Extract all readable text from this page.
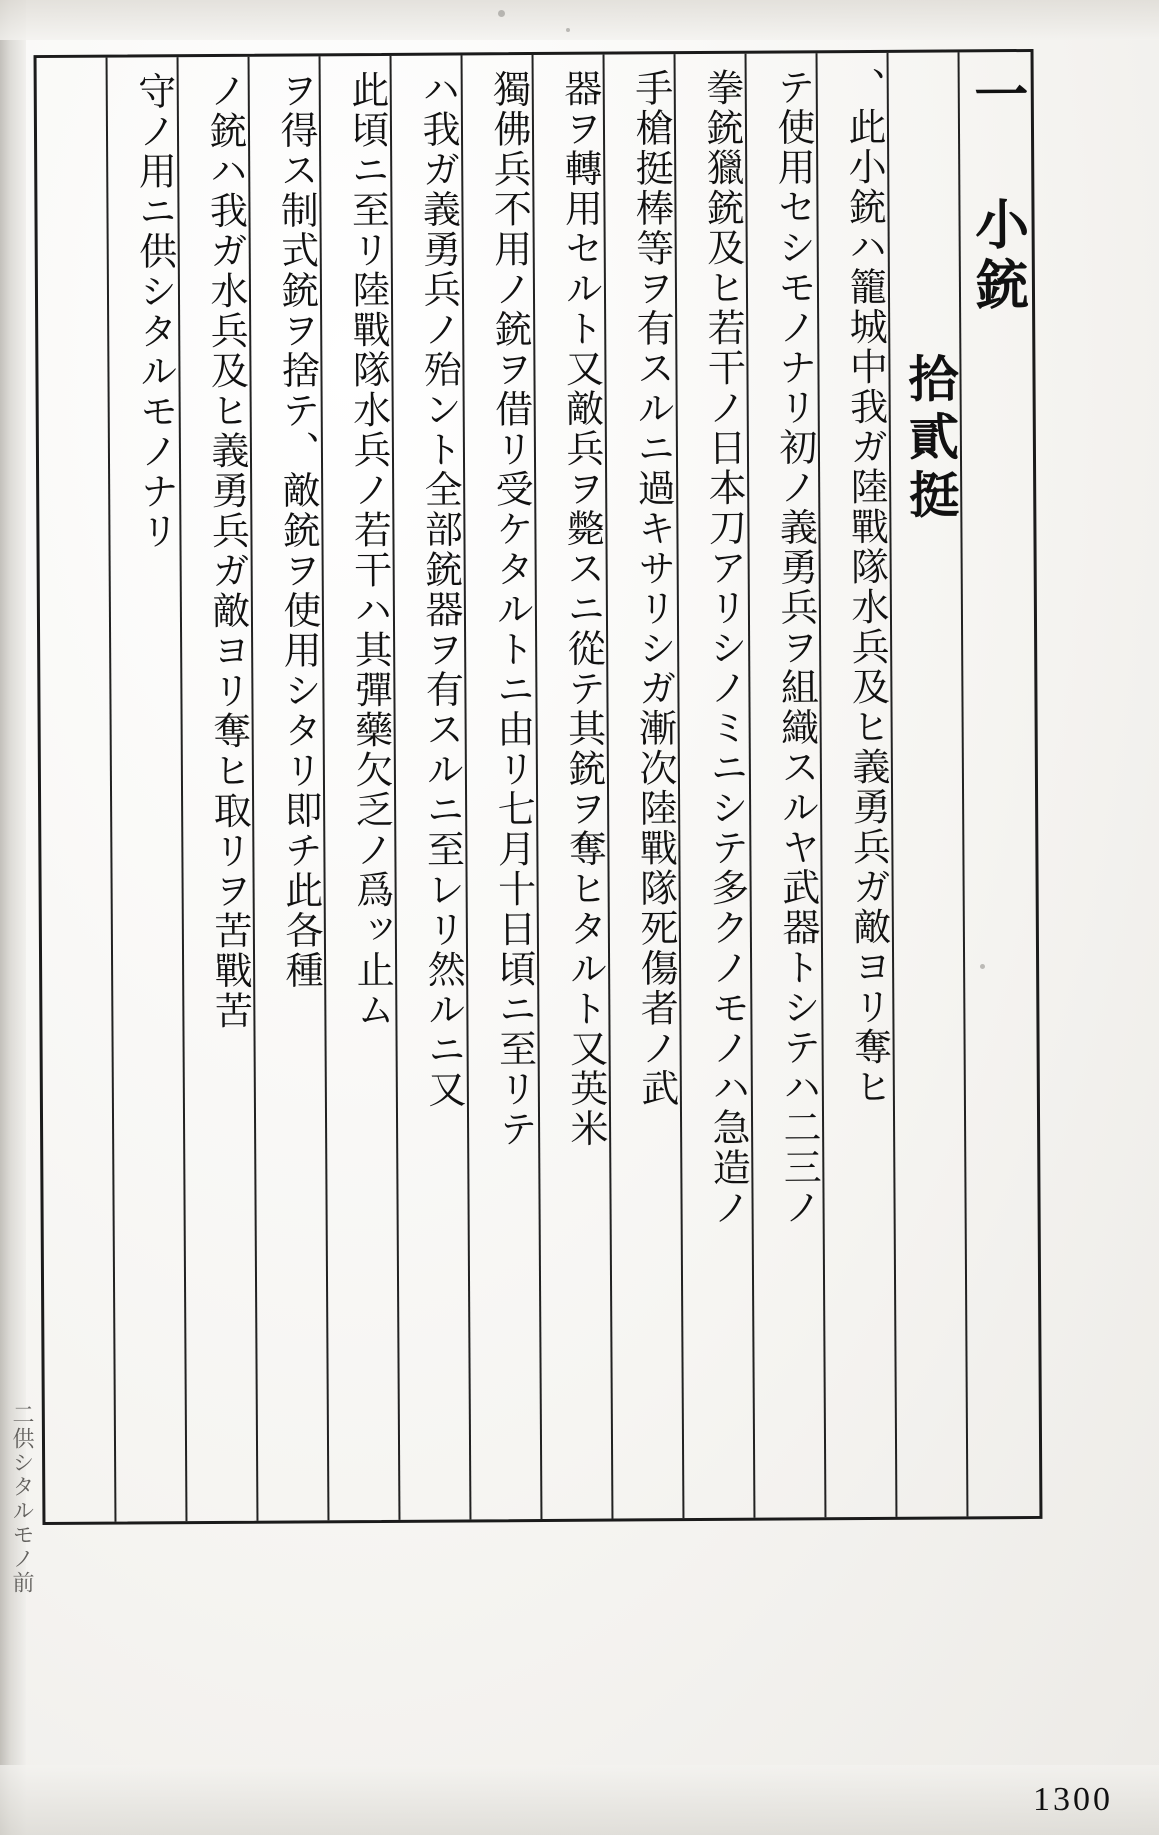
一 小銃
拾貳挺
、此小銃ハ籠城中我ガ陸戰隊水兵及ヒ義勇兵ガ敵ヨリ奪ヒ
テ使用セシモノナリ初ノ義勇兵ヲ組織スルヤ武器トシテハ二三ノ
拳銃獵銃及ヒ若干ノ日本刀アリシノミニシテ多クノモノハ急造ノ
手槍挺棒等ヲ有スルニ過キサリシガ漸次陸戰隊死傷者ノ武
器ヲ轉用セルト又敵兵ヲ斃スニ從テ其銃ヲ奪ヒタルト又英米
獨佛兵不用ノ銃ヲ借リ受ケタルトニ由リ七月十日頃ニ至リテ
ハ我ガ義勇兵ノ殆ント全部銃器ヲ有スルニ至レリ然ルニ又
此頃ニ至リ陸戰隊水兵ノ若干ハ其彈藥欠乏ノ爲ッ止ム
ヲ得ス制式銃ヲ捨テ、敵銃ヲ使用シタリ即チ此各種
ノ銃ハ我ガ水兵及ヒ義勇兵ガ敵ヨリ奪ヒ取リヲ苦戰苦
守ノ用ニ供シタルモノナリ
二供シタルモノ前
1300
